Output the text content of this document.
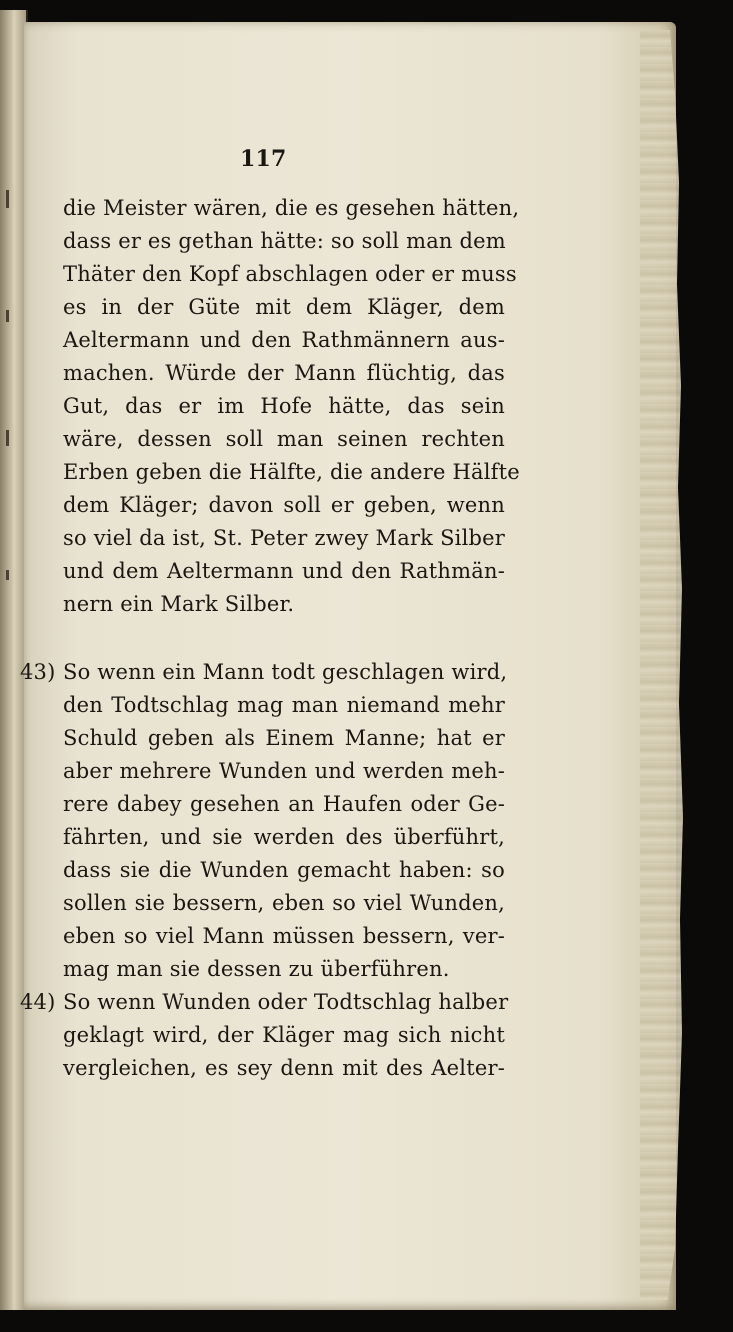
117
die Meister wären, die es gesehen hätten,
dass er es gethan hätte: so soll man dem
Thäter den Kopf abschlagen oder er muss
es in der Güte mit dem Kläger, dem
Aeltermann und den Rathmännern aus-
machen. Würde der Mann flüchtig, das
Gut, das er im Hofe hätte, das sein
wäre, dessen soll man seinen rechten
Erben geben die Hälfte, die andere Hälfte
dem Kläger; davon soll er geben, wenn
so viel da ist, St. Peter zwey Mark Silber
und dem Aeltermann und den Rathmän-
nern ein Mark Silber.
43) So wenn ein Mann todt geschlagen wird,
den Todtschlag mag man niemand mehr
Schuld geben als Einem Manne; hat er
aber mehrere Wunden und werden meh-
rere dabey gesehen an Haufen oder Ge-
fährten, und sie werden des überführt,
dass sie die Wunden gemacht haben: so
sollen sie bessern, eben so viel Wunden,
eben so viel Mann müssen bessern, ver-
mag man sie dessen zu überführen.
44) So wenn Wunden oder Todtschlag halber
geklagt wird, der Kläger mag sich nicht
vergleichen, es sey denn mit des Aelter-
